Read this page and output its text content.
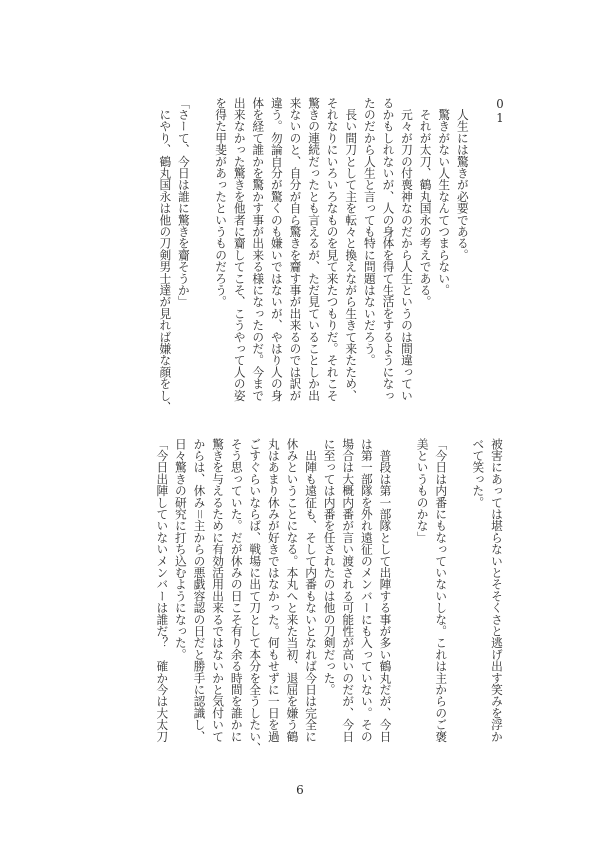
01
　人生には驚きが必要である。
　驚きがない人生なんてつまらない。
　それが太刀、鶴丸国永の考えである。
　元々が刀の付喪神なのだから人生というのは間違ってい
るかもしれないが、人の身体を得て生活をするようになっ
たのだから人生と言っても特に問題はないだろう。
　長い間刀として主を転々と換えながら生きて来たため、
それなりにいろいろなものを見て来たつもりだ。それこそ
驚きの連続だったとも言えるが、ただ見ていることしか出
来ないのと、自分が自ら驚きを齎す事が出来るのでは訳が
違う。勿論自分が驚くのも嫌いではないが、やはり人の身
体を経て誰かを驚かす事が出来る様になったのだ。今まで
出来なかった驚きを他者に齎してこそ、こうやって人の姿
を得た甲斐があったというものだろう。
「さーて、今日は誰に驚きを齎そうか」
　にやり、鶴丸国永は他の刀剣男士達が見れば嫌な顔をし、
被害にあっては堪らないとそそくさと逃げ出す笑みを浮か
べて笑った。
「今日は内番にもなっていないしな。これは主からのご褒
美というものかな」
　普段は第一部隊として出陣する事が多い鶴丸だが、今日
は第一部隊を外れ遠征のメンバーにも入っていない。その
場合は大概内番が言い渡される可能性が高いのだが、今日
に至っては内番を任されたのは他の刀剣だった。
　出陣も遠征も、そして内番もないとなれば今日は完全に
休みということになる。本丸へと来た当初、退屈を嫌う鶴
丸はあまり休みが好きではなかった。何もせずに一日を過
ごすぐらいならば、戦場に出て刀として本分を全うしたい、
そう思っていた。だが休みの日こそ有り余る時間を誰かに
驚きを与えるために有効活用出来るではないかと気付いて
からは、休み＝主からの悪戯容認の日だと勝手に認識し、
日々驚きの研究に打ち込むようになった。
「今日出陣していないメンバーは誰だ？　確か今は大太刀
6
